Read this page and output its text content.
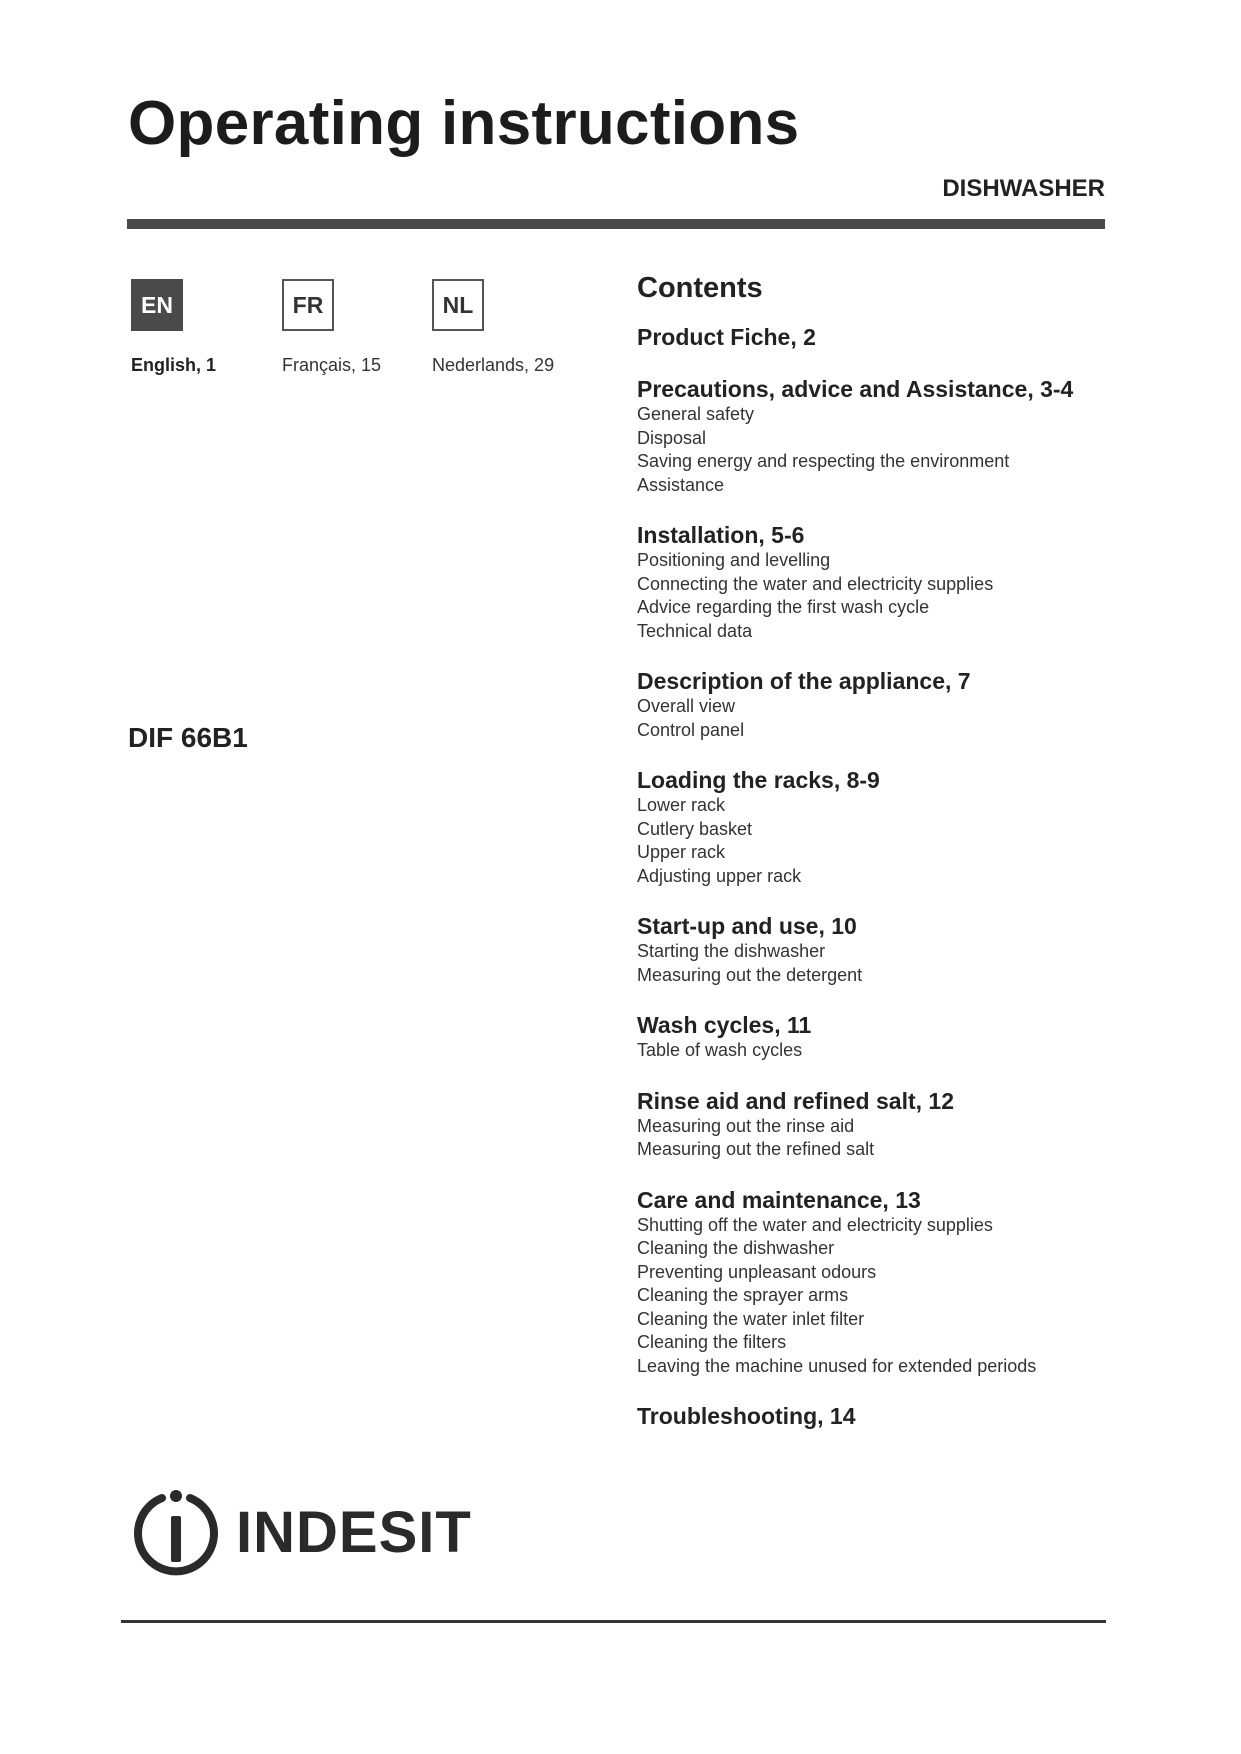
Operating instructions
DISHWASHER
EN
English, 1
FR
Français, 15
NL
Nederlands, 29
DIF 66B1
Contents
Product Fiche, 2
Precautions, advice and Assistance, 3-4
General safety
Disposal
Saving energy and respecting the environment
Assistance
Installation, 5-6
Positioning and levelling
Connecting the water and electricity supplies
Advice regarding the first wash cycle
Technical data
Description of the appliance, 7
Overall view
Control panel
Loading the racks, 8-9
Lower rack
Cutlery basket
Upper rack
Adjusting upper rack
Start-up and use, 10
Starting the dishwasher
Measuring out the detergent
Wash cycles, 11
Table of wash cycles
Rinse aid and refined salt, 12
Measuring out the rinse aid
Measuring out the refined salt
Care and maintenance, 13
Shutting off the water and electricity supplies
Cleaning the dishwasher
Preventing unpleasant odours
Cleaning the sprayer arms
Cleaning the water inlet filter
Cleaning the filters
Leaving the machine unused for extended periods
Troubleshooting, 14
INDESIT
